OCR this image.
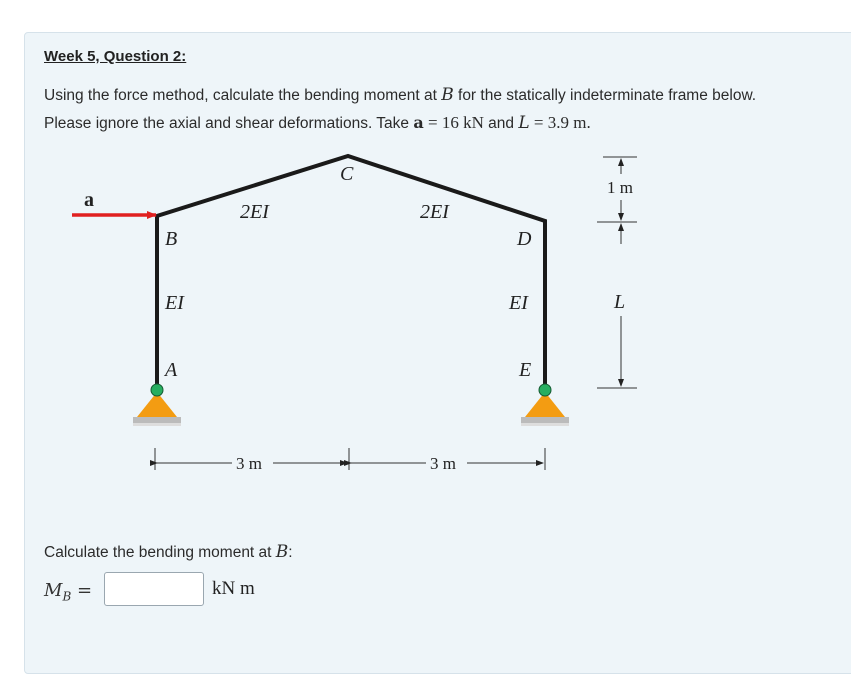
Week 5, Question 2:
Using the force method, calculate the bending moment at B for the statically indeterminate frame below.
Please ignore the axial and shear deformations. Take a = 16 kN and L = 3.9 m.
a
B
C
D
A	E
2EI	2EI
EI	EI
3 m	3 m
1 m
L
Calculate the bending moment at B:
$M_B$ =	kN m
